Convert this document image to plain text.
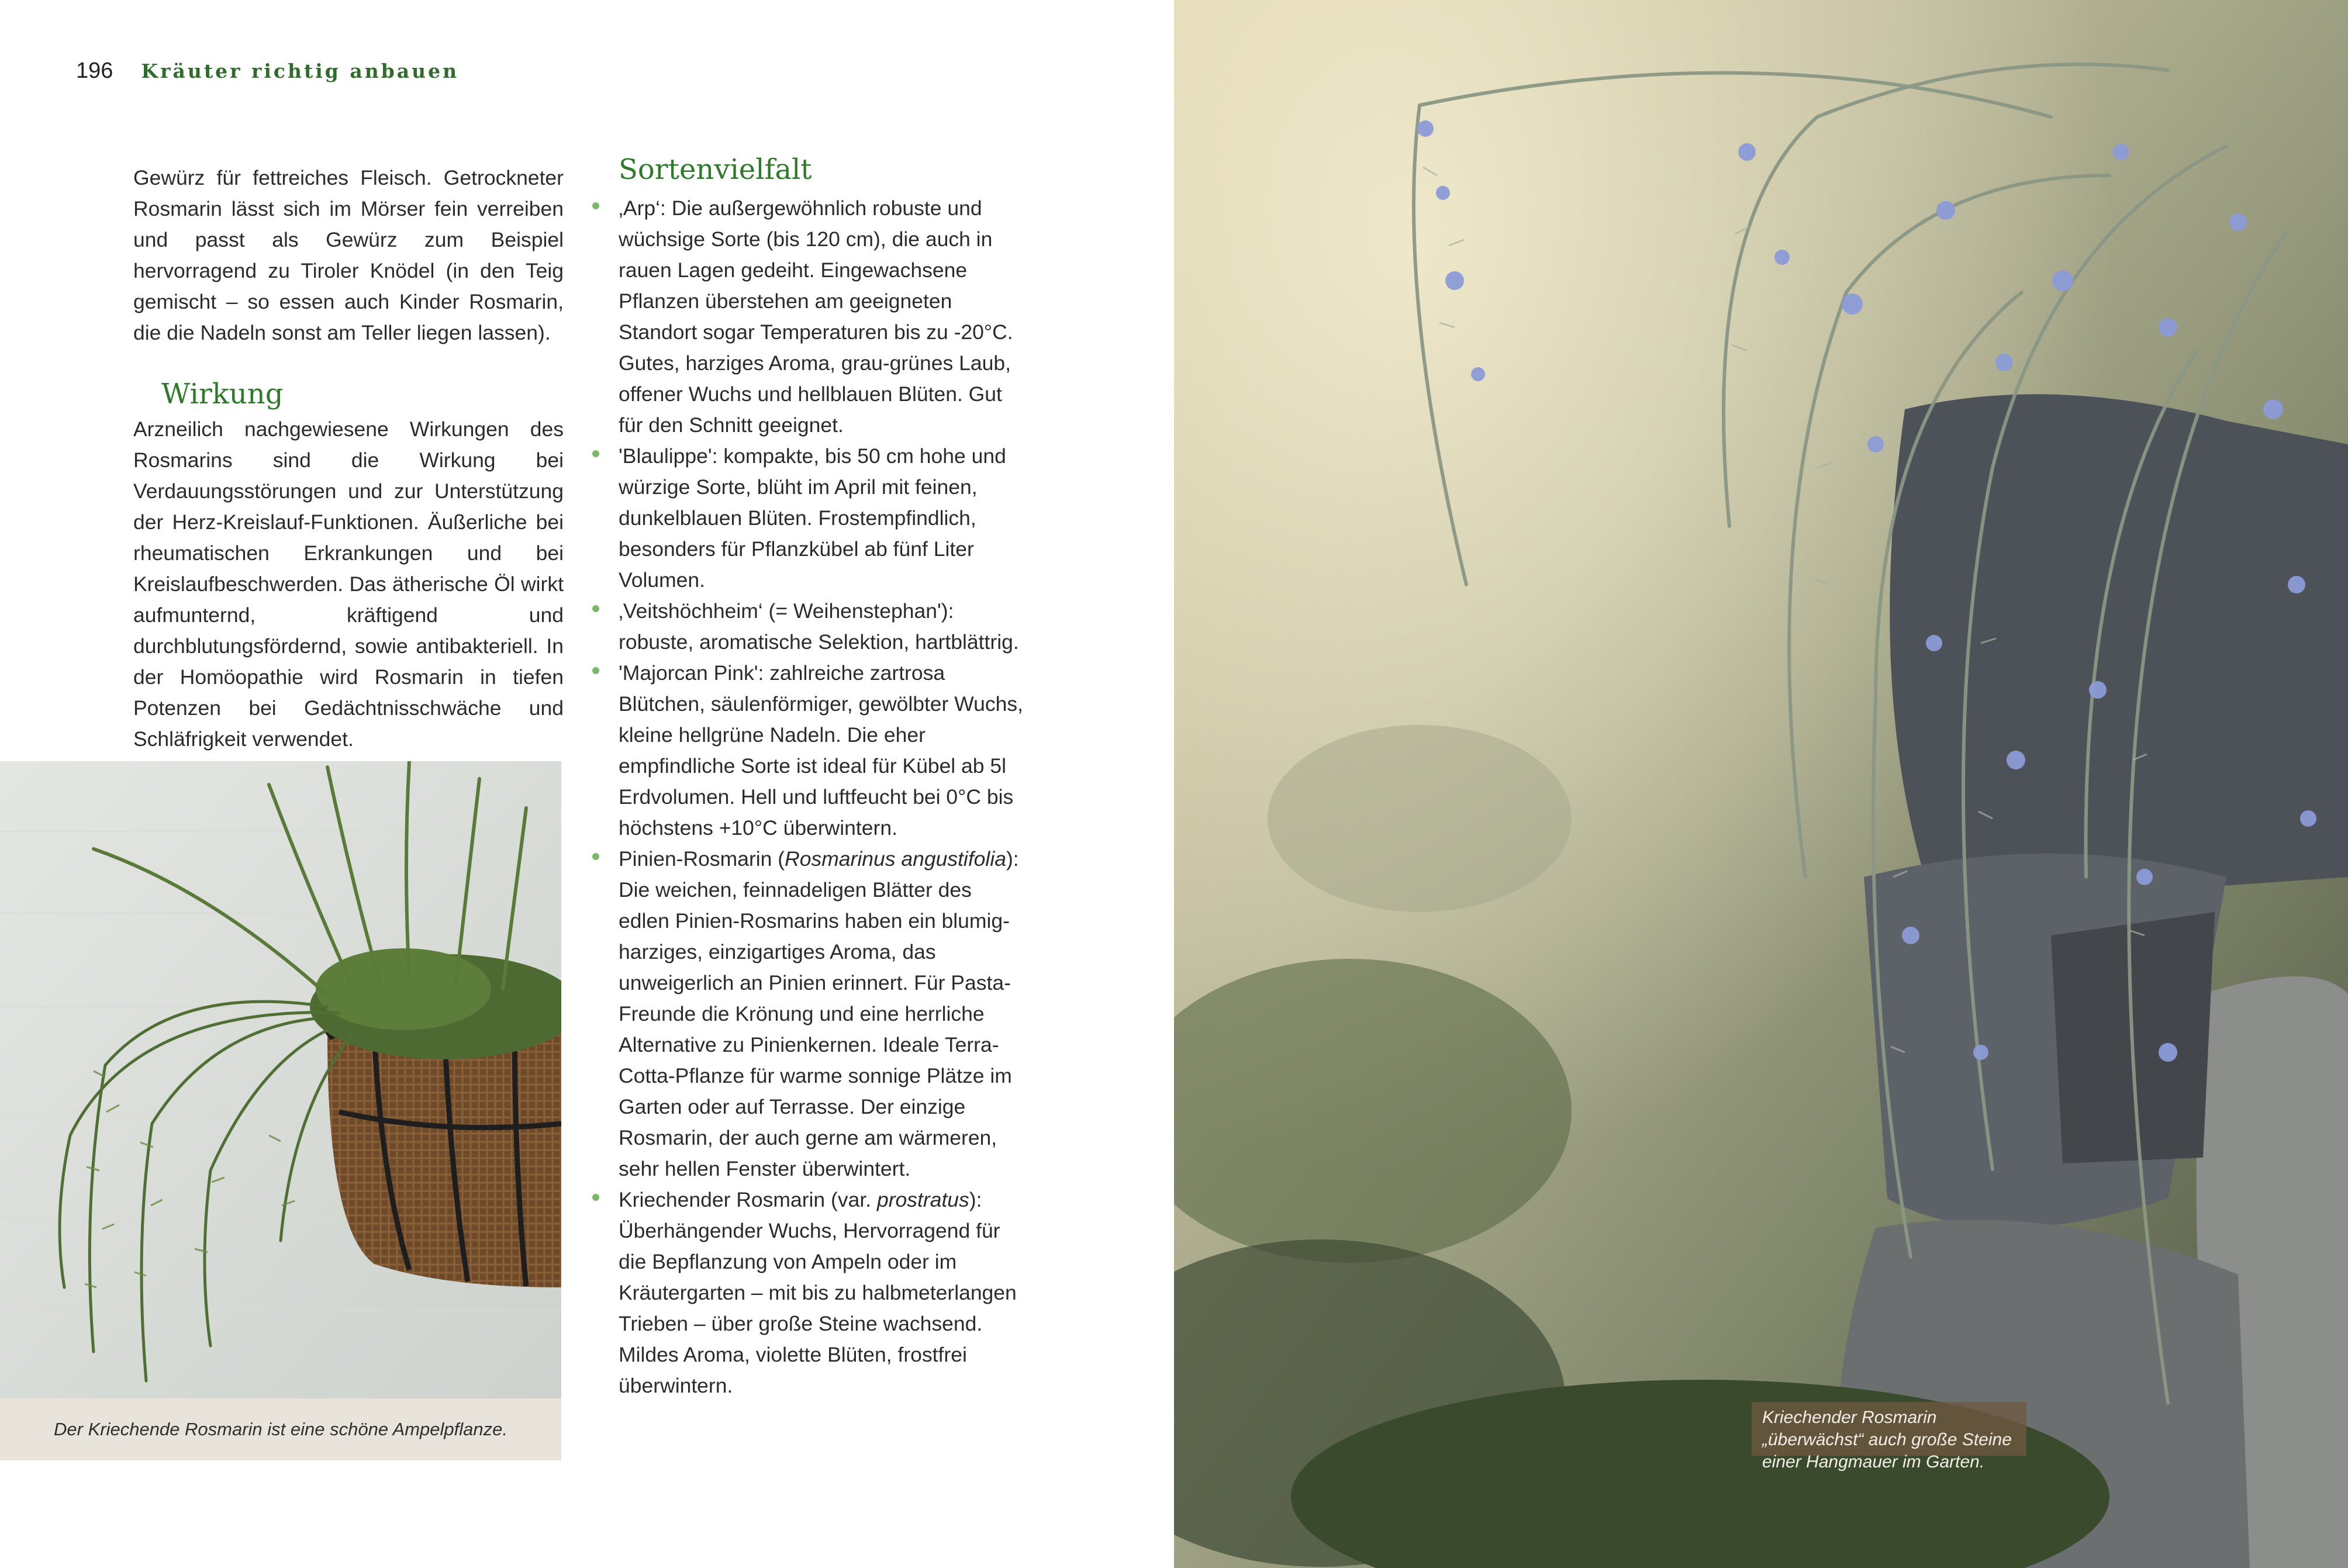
196 Kräuter richtig anbauen

Gewürz für fettreiches Fleisch. Getrockneter Rosmarin lässt sich im Mörser fein verreiben und passt als Gewürz zum Beispiel hervorragend zu Tiroler Knödel (in den Teig gemischt – so essen auch Kinder Rosmarin, die die Nadeln sonst am Teller liegen lassen).

Wirkung

Arzneilich nachgewiesene Wirkungen des Rosmarins sind die Wirkung bei Verdauungsstörungen und zur Unterstützung der Herz-Kreislauf-Funktionen. Äußerliche bei rheumatischen Erkrankungen und bei Kreislaufbeschwerden. Das ätherische Öl wirkt aufmunternd, kräftigend und durchblutungsfördernd, sowie antibakteriell. In der Homöopathie wird Rosmarin in tiefen Potenzen bei Gedächtnisschwäche und Schläfrigkeit verwendet.

Sortenvielfalt
‚Arp‘: Die außergewöhnlich robuste und wüchsige Sorte (bis 120 cm), die auch in rauen Lagen gedeiht. Eingewachsene Pflanzen überstehen am geeigneten Standort sogar Temperaturen bis zu -20°C. Gutes, harziges Aroma, grau-grünes Laub, offener Wuchs und hellblauen Blüten. Gut für den Schnitt geeignet.
'Blaulippe': kompakte, bis 50 cm hohe und würzige Sorte, blüht im April mit feinen, dunkelblauen Blüten. Frostempfindlich, besonders für Pflanzkübel ab fünf Liter Volumen.
‚Veitshöchheim‘ (= Weihenstephan'): robuste, aromatische Selektion, hartblättrig.
'Majorcan Pink': zahlreiche zartrosa Blütchen, säulenförmiger, gewölbter Wuchs, kleine hellgrüne Nadeln. Die eher empfindliche Sorte ist ideal für Kübel ab 5l Erdvolumen. Hell und luftfeucht bei 0°C bis höchstens +10°C überwintern.
Pinien-Rosmarin (Rosmarinus angustifolia): Die weichen, feinnadeligen Blätter des edlen Pinien-Rosmarins haben ein blumig-harziges, einzigartiges Aroma, das unweigerlich an Pinien erinnert. Für Pasta-Freunde die Krönung und eine herrliche Alternative zu Pinienkernen. Ideale Terra-Cotta-Pflanze für warme sonnige Plätze im Garten oder auf Terrasse. Der einzige Rosmarin, der auch gerne am wärmeren, sehr hellen Fenster überwintert.
Kriechender Rosmarin (var. prostratus): Überhängender Wuchs, Hervorragend für die Bepflanzung von Ampeln oder im Kräutergarten – mit bis zu halbmeterlangen Trieben – über große Steine wachsend. Mildes Aroma, violette Blüten, frostfrei überwintern.
Der Kriechende Rosmarin ist eine schöne Ampelpflanze.
Kriechender Rosmarin „überwächst“ auch große Steine einer Hangmauer im Garten.
